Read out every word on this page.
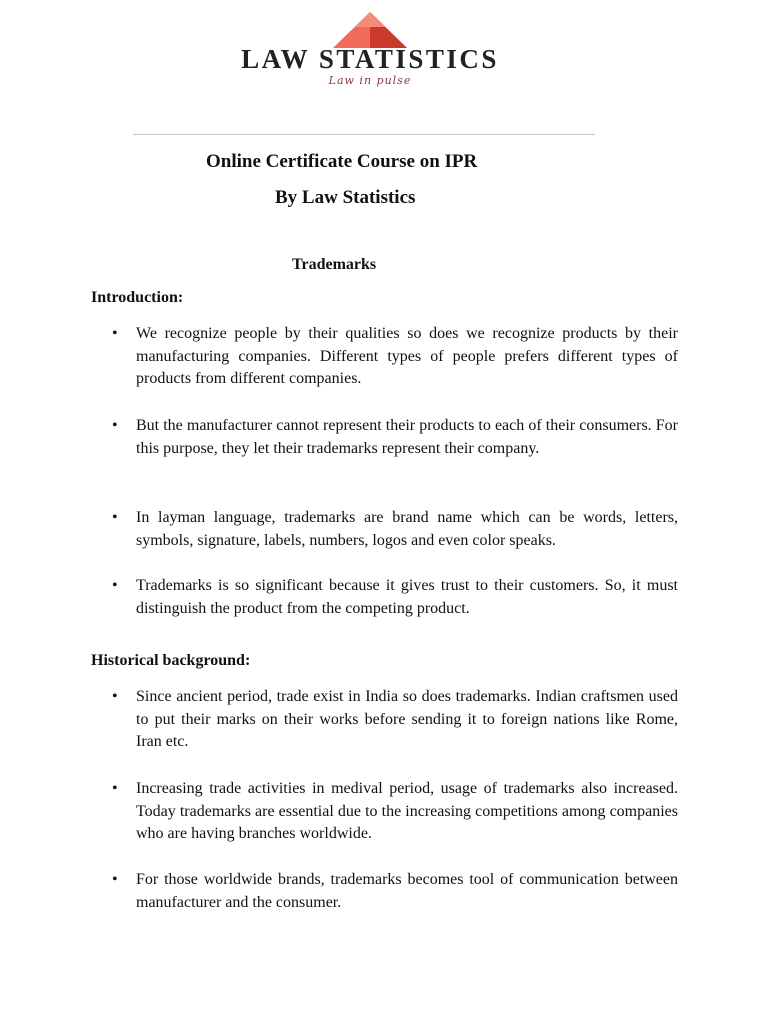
LAW STATISTICS
Law in pulse
Online Certificate Course on IPR
By Law Statistics
Trademarks
Introduction:
• We recognize people by their qualities so does we recognize products by their manufacturing companies. Different types of people prefers different types of products from different companies.
• But the manufacturer cannot represent their products to each of their consumers. For this purpose, they let their trademarks represent their company.
• In layman language, trademarks are brand name which can be words, letters, symbols, signature, labels, numbers, logos and even color speaks.
• Trademarks is so significant because it gives trust to their customers. So, it must distinguish the product from the competing product.
Historical background:
• Since ancient period, trade exist in India so does trademarks. Indian craftsmen used to put their marks on their works before sending it to foreign nations like Rome, Iran etc.
• Increasing trade activities in medival period, usage of trademarks also increased. Today trademarks are essential due to the increasing competitions among companies who are having branches worldwide.
• For those worldwide brands, trademarks becomes tool of communication between manufacturer and the consumer.
